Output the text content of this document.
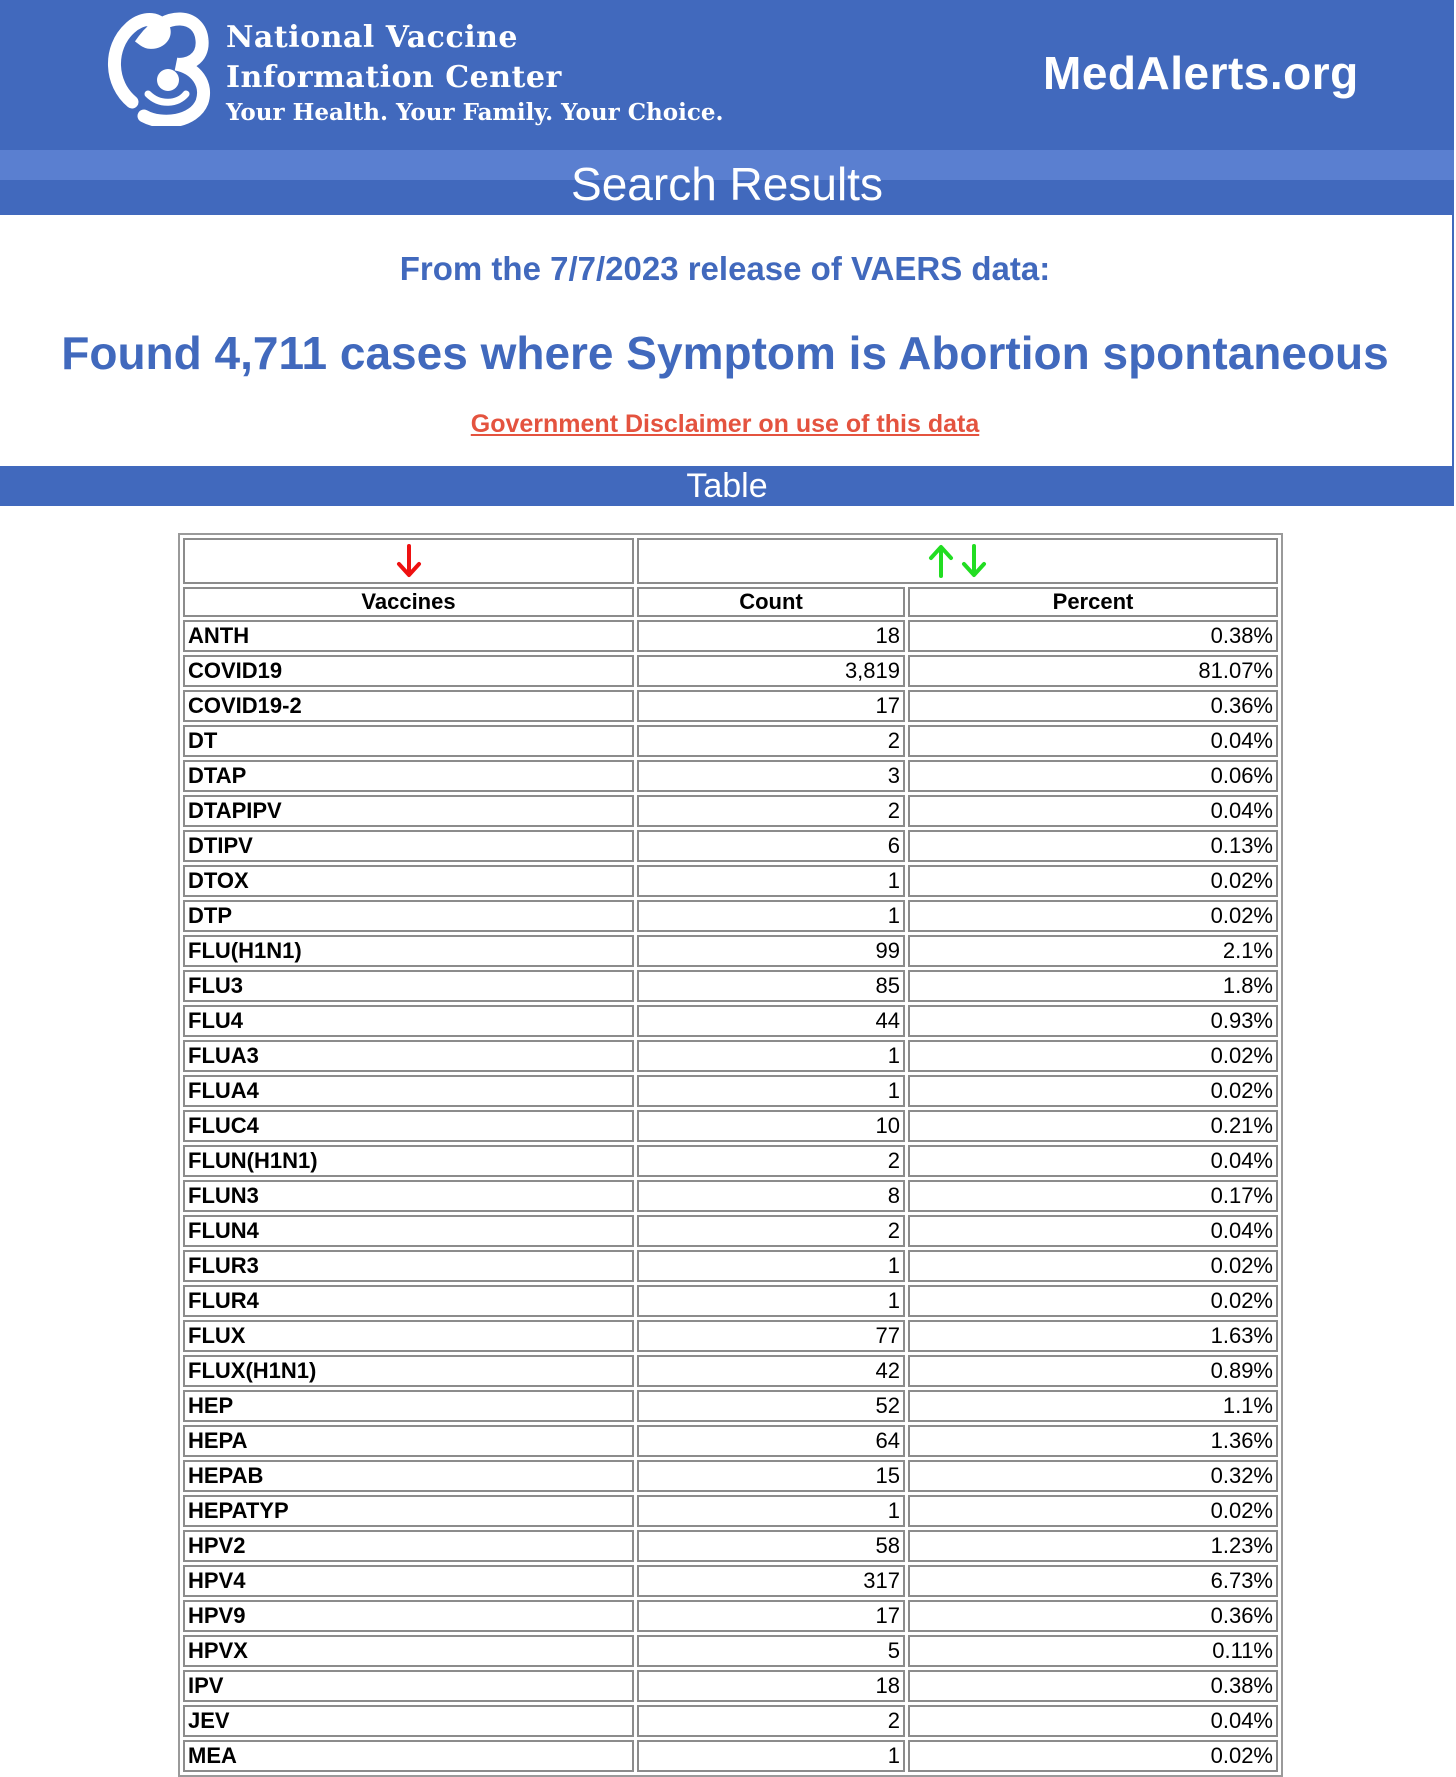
National Vaccine
Information Center
Your Health. Your Family. Your Choice.
MedAlerts.org
Search Results
From the 7/7/2023 release of VAERS data:
Found 4,711 cases where Symptom is Abortion spontaneous
Government Disclaimer on use of this data
Table

Vaccines	Count	Percent
ANTH	18	0.38%
COVID19	3,819	81.07%
COVID19-2	17	0.36%
DT	2	0.04%
DTAP	3	0.06%
DTAPIPV	2	0.04%
DTIPV	6	0.13%
DTOX	1	0.02%
DTP	1	0.02%
FLU(H1N1)	99	2.1%
FLU3	85	1.8%
FLU4	44	0.93%
FLUA3	1	0.02%
FLUA4	1	0.02%
FLUC4	10	0.21%
FLUN(H1N1)	2	0.04%
FLUN3	8	0.17%
FLUN4	2	0.04%
FLUR3	1	0.02%
FLUR4	1	0.02%
FLUX	77	1.63%
FLUX(H1N1)	42	0.89%
HEP	52	1.1%
HEPA	64	1.36%
HEPAB	15	0.32%
HEPATYP	1	0.02%
HPV2	58	1.23%
HPV4	317	6.73%
HPV9	17	0.36%
HPVX	5	0.11%
IPV	18	0.38%
JEV	2	0.04%
MEA	1	0.02%
